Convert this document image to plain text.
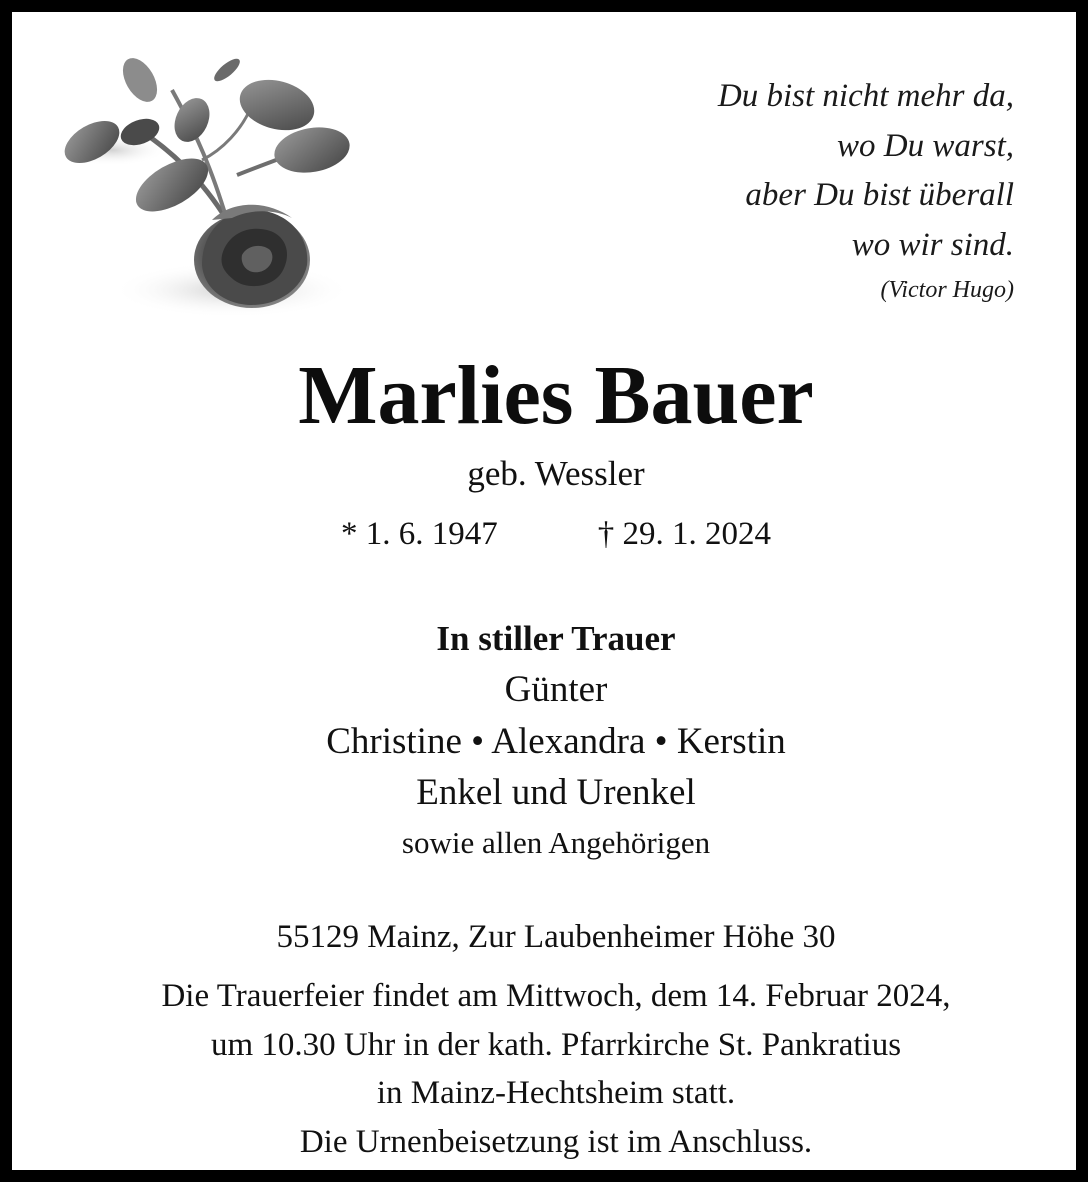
Du bist nicht mehr da,
wo Du warst,
aber Du bist überall
wo wir sind.
(Victor Hugo)
Marlies Bauer
geb. Wessler
* 1. 6. 1947	† 29. 1. 2024
In stiller Trauer
Günter
Christine • Alexandra • Kerstin
Enkel und Urenkel
sowie allen Angehörigen
55129 Mainz, Zur Laubenheimer Höhe 30
Die Trauerfeier findet am Mittwoch, dem 14. Februar 2024,
um 10.30 Uhr in der kath. Pfarrkirche St. Pankratius
in Mainz-Hechtsheim statt.
Die Urnenbeisetzung ist im Anschluss.
